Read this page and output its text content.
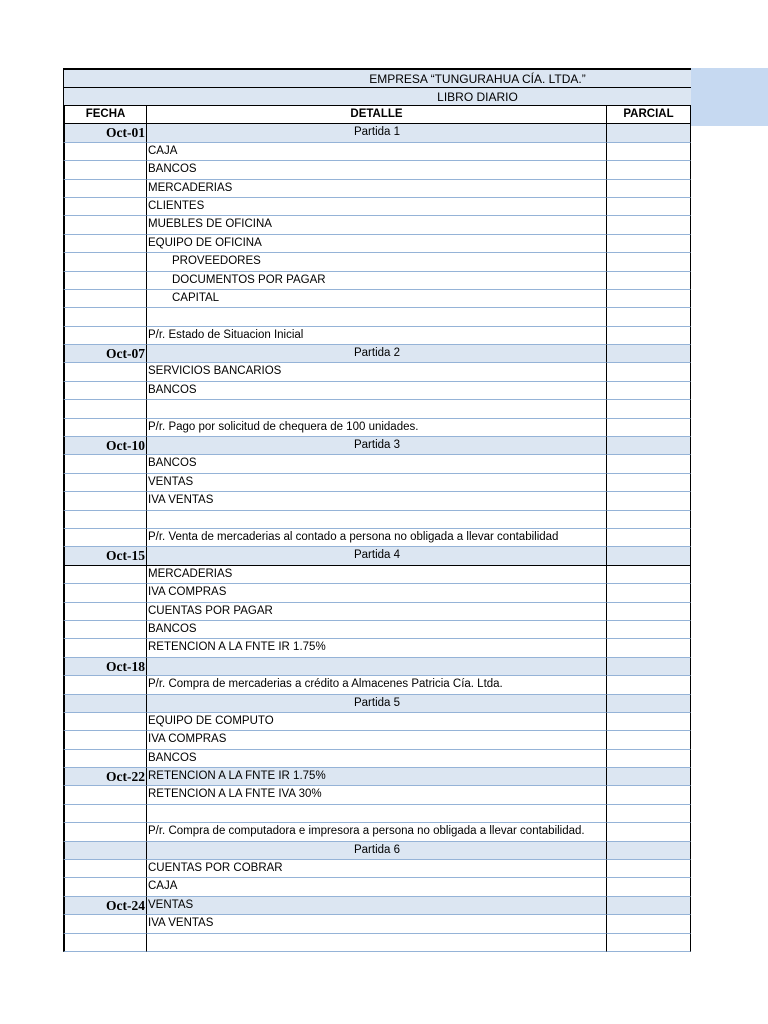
EMPRESA “TUNGURAHUA CÍA. LTDA.”
LIBRO DIARIO
FECHA	DETALLE	PARCIAL
Oct-01	Partida 1
CAJA
BANCOS
MERCADERIAS
CLIENTES
MUEBLES DE OFICINA
EQUIPO DE OFICINA
PROVEEDORES
DOCUMENTOS POR PAGAR
CAPITAL
P/r. Estado de Situacion Inicial
Oct-07	Partida 2
SERVICIOS BANCARIOS
BANCOS
P/r. Pago por solicitud de chequera de 100 unidades.
Oct-10	Partida 3
BANCOS
VENTAS
IVA VENTAS
P/r. Venta de mercaderias al contado a persona no obligada a llevar contabilidad
Oct-15	Partida 4
MERCADERIAS
IVA COMPRAS
CUENTAS POR PAGAR
BANCOS
RETENCION A LA FNTE IR 1.75%
Oct-18
P/r. Compra de mercaderias a crédito a Almacenes Patricia Cía. Ltda.
Partida 5
EQUIPO DE COMPUTO
IVA COMPRAS
BANCOS
Oct-22 RETENCION A LA FNTE IR 1.75%
RETENCION A LA FNTE IVA 30%
P/r. Compra de computadora e impresora a persona no obligada a llevar contabilidad.
Partida 6
CUENTAS POR COBRAR
CAJA
Oct-24 VENTAS
IVA VENTAS
